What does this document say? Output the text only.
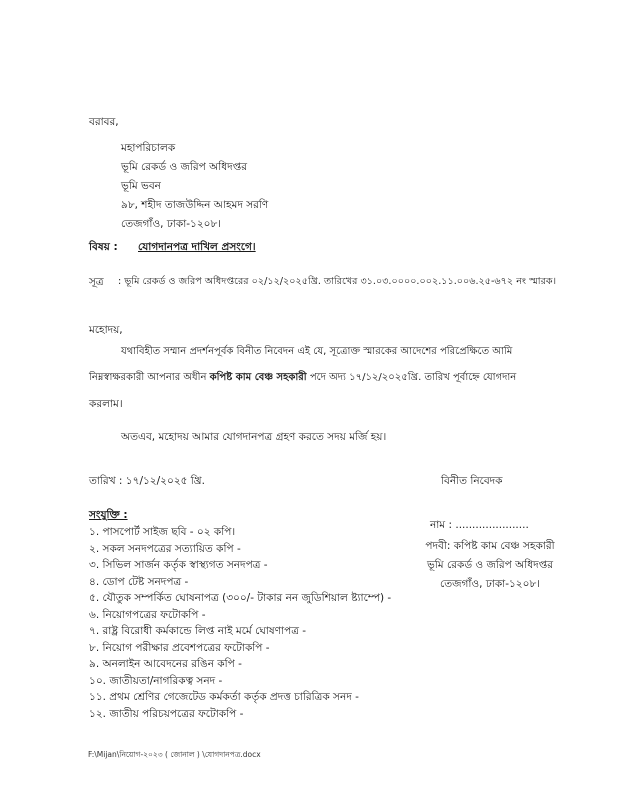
বরাবর,
মহাপরিচালক
ভূমি রেকর্ড ও জরিপ অধিদপ্তর
ভূমি ভবন
৯৮, শহীদ তাজউদ্দিন আহমদ সরণি
তেজগাঁও, ঢাকা-১২০৮।
বিষয় : যোগদানপত্র দাখিল প্রসংগে।
সূত্র : ভূমি রেকর্ড ও জরিপ অধিদপ্তরের ০২/১২/২০২৫খ্রি. তারিখের ৩১.০৩.০০০০.০০২.১১.০০৬.২৫-৬৭২ নং স্মারক।
মহোদয়,
যথাবিহীত সম্মান প্রদর্শনপূর্বক বিনীত নিবেদন এই যে, সূত্রোক্ত স্মারকের আদেশের পরিপ্রেক্ষিতে আমি
নিম্নস্বাক্ষরকারী আপনার অধীন কপিষ্ট কাম বেঞ্চ সহকারী পদে অদ্য ১৭/১২/২০২৫খ্রি. তারিখ পূর্বাহ্নে যোগদান
করলাম।
অতএব, মহোদয় আমার যোগদানপত্র গ্রহণ করতে সদয় মর্জি হয়।
তারিখ : ১৭/১২/২০২৫ খ্রি.	বিনীত নিবেদক
সংযুক্তি :
১. পাসপোর্ট সাইজ ছবি - ০২ কপি।
২. সকল সনদপত্রের সত্যায়িত কপি -
৩. সিভিল সার্জন কর্তৃক স্বাস্থ্যগত সনদপত্র -
৪. ডোপ টেষ্ট সনদপত্র -
৫. যৌতুক সম্পর্কিত ঘোষনাপত্র (৩০০/- টাকার নন জুডিশিয়াল ষ্ট্যাম্পে) -
৬. নিয়োগপত্রের ফটোকপি -
৭. রাষ্ট্র বিরোধী কর্মকান্ডে লিপ্ত নাই মর্মে ঘোষণাপত্র -
৮. নিয়োগ পরীক্ষার প্রবেশপত্রের ফটোকপি -
৯. অনলাইন আবেদনের রঙিন কপি -
১০. জাতীয়তা/নাগরিকত্ব সনদ -
১১. প্রথম শ্রেণির গেজেটেড কর্মকর্তা কর্তৃক প্রদত্ত চারিত্রিক সনদ -
১২. জাতীয় পরিচয়পত্রের ফটোকপি -
নাম : ......................
পদবী: কপিষ্ট কাম বেঞ্চ সহকারী
ভূমি রেকর্ড ও জরিপ অধিদপ্তর
তেজগাঁও, ঢাকা-১২০৮।
F:\Mijan\নিয়োগ-২০২৩ ( জোনাল ) \যোগদানপত্র.docx
